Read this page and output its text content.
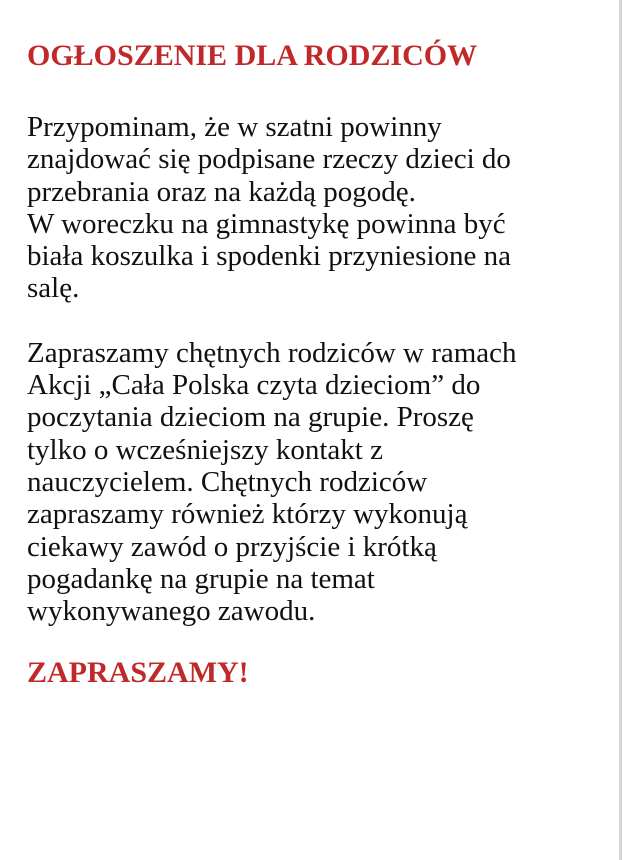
OGŁOSZENIE DLA RODZICÓW

Przypominam, że w szatni powinny

znajdować się podpisane rzeczy dzieci do

przebrania oraz na każdą pogodę.

W woreczku na gimnastykę powinna być

biała koszulka i spodenki przyniesione na

salę.

Zapraszamy chętnych rodziców w ramach

Akcji „Cała Polska czyta dzieciom” do

poczytania dzieciom na grupie. Proszę

tylko o wcześniejszy kontakt z

nauczycielem. Chętnych rodziców

zapraszamy również którzy wykonują

ciekawy zawód o przyjście i krótką

pogadankę na grupie na temat

wykonywanego zawodu.

ZAPRASZAMY!
